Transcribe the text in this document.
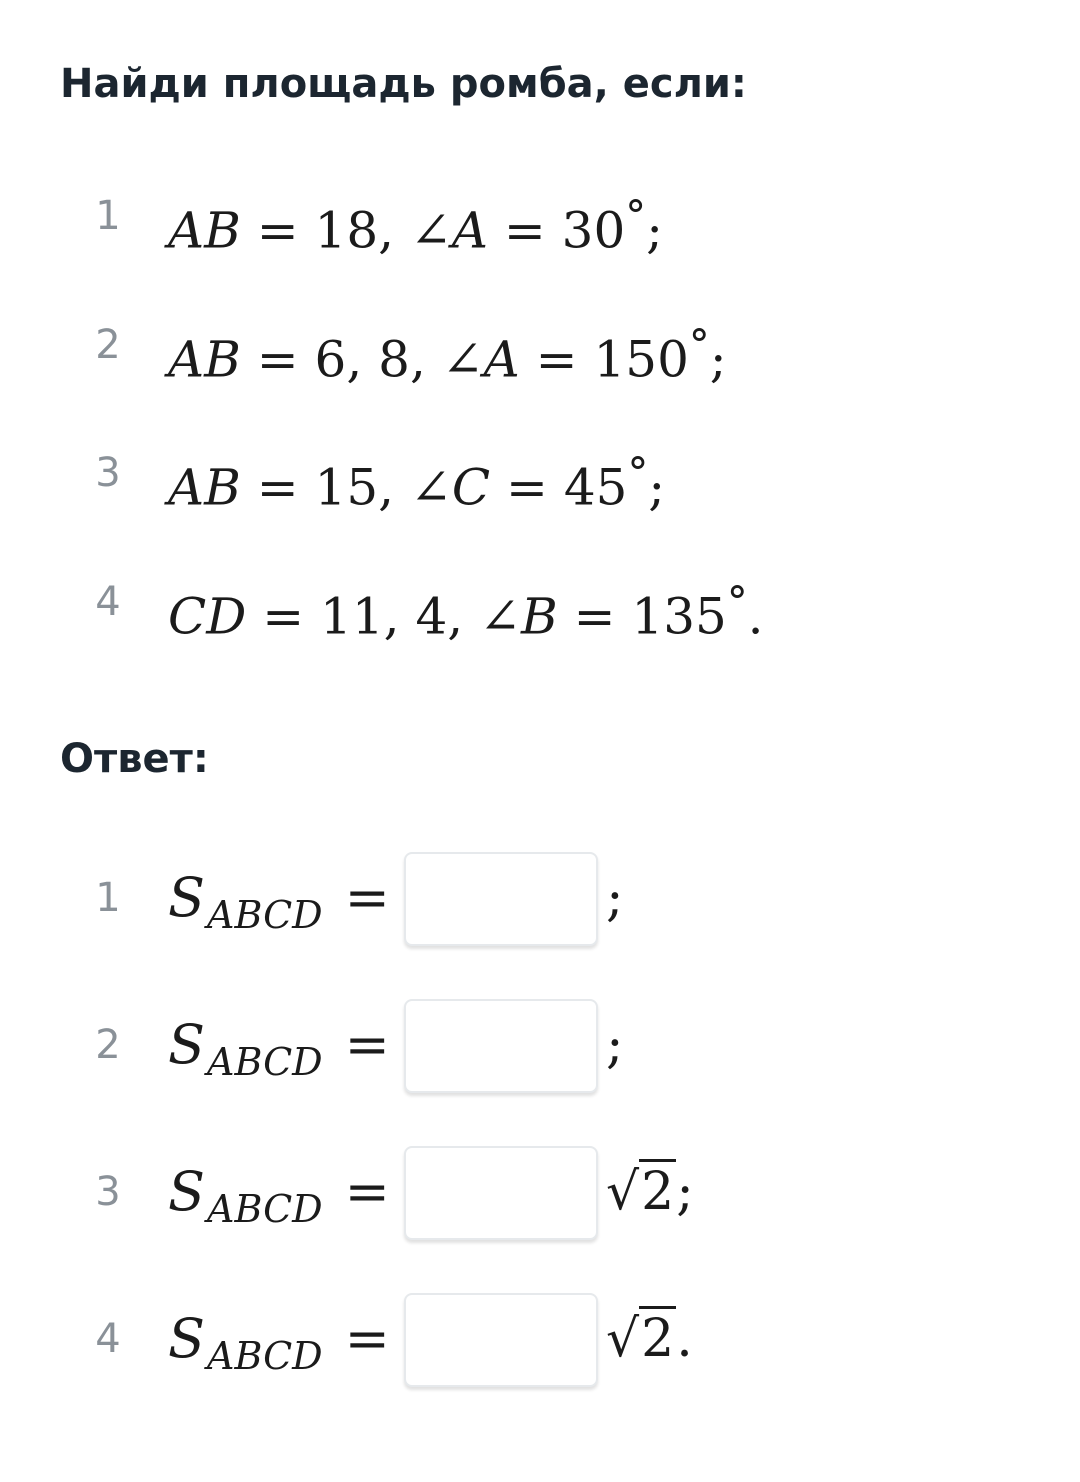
Найди площадь ромба, если:
1 AB = 18, ∠A = 30°;
2 AB = 6, 8, ∠A = 150°;
3 AB = 15, ∠C = 45°;
4 CD = 11, 4, ∠B = 135°.
Ответ:
1 $S_{ABCD}$ =	;
2 $S_{ABCD}$ =	;
3 $S_{ABCD}$ =	√2;
4 $S_{ABCD}$ =	√2.
